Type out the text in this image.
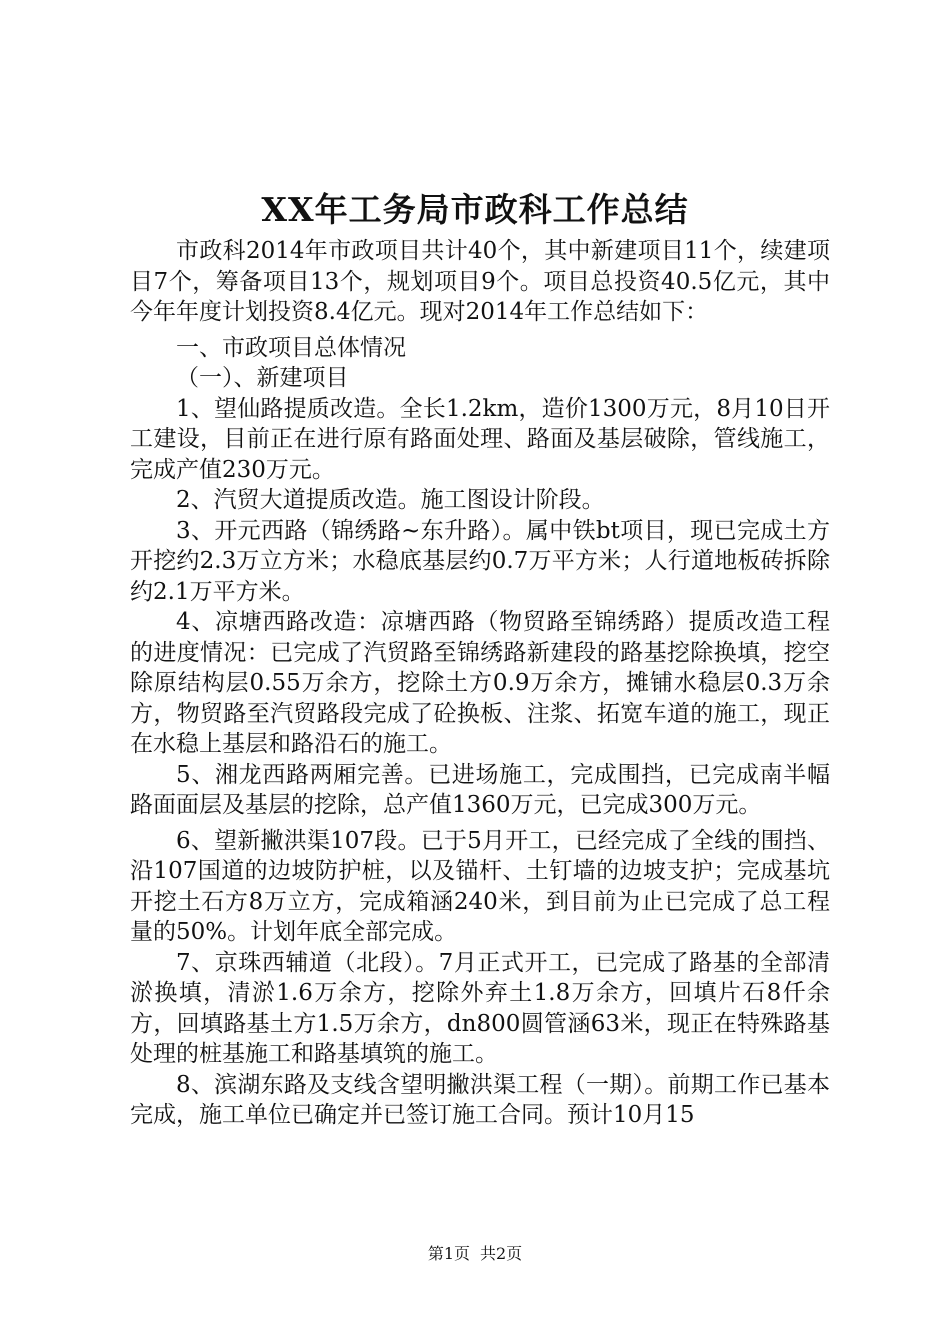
XX年工务局市政科工作总结

市政科2014年市政项目共计40个，其中新建项目11个，续建项目7个，筹备项目13个，规划项目9个。项目总投资40.5亿元，其中今年年度计划投资8.4亿元。现对2014年工作总结如下：

一、市政项目总体情况

（一）、新建项目

1、望仙路提质改造。全长1.2km，造价1300万元，8月10日开工建设，目前正在进行原有路面处理、路面及基层破除，管线施工，完成产值230万元。

2、汽贸大道提质改造。施工图设计阶段。

3、开元西路（锦绣路~东升路）。属中铁bt项目，现已完成土方开挖约2.3万立方米；水稳底基层约0.7万平方米；人行道地板砖拆除约2.1万平方米。

4、凉塘西路改造：凉塘西路（物贸路至锦绣路）提质改造工程的进度情况：已完成了汽贸路至锦绣路新建段的路基挖除换填，挖空除原结构层0.55万余方，挖除土方0.9万余方，摊铺水稳层0.3万余方，物贸路至汽贸路段完成了砼换板、注浆、拓宽车道的施工，现正在水稳上基层和路沿石的施工。

5、湘龙西路两厢完善。已进场施工，完成围挡，已完成南半幅路面面层及基层的挖除，总产值1360万元，已完成300万元。

6、望新撇洪渠107段。已于5月开工，已经完成了全线的围挡、沿107国道的边坡防护桩，以及锚杆、土钉墙的边坡支护；完成基坑开挖土石方8万立方，完成箱涵240米，到目前为止已完成了总工程量的50%。计划年底全部完成。

7、京珠西辅道（北段）。7月正式开工，已完成了路基的全部清淤换填，清淤1.6万余方，挖除外弃土1.8万余方，回填片石8仟余方，回填路基土方1.5万余方，dn800圆管涵63米，现正在特殊路基处理的桩基施工和路基填筑的施工。

8、滨湖东路及支线含望明撇洪渠工程（一期）。前期工作已基本完成，施工单位已确定并已签订施工合同。预计10月15

第1页 共2页
